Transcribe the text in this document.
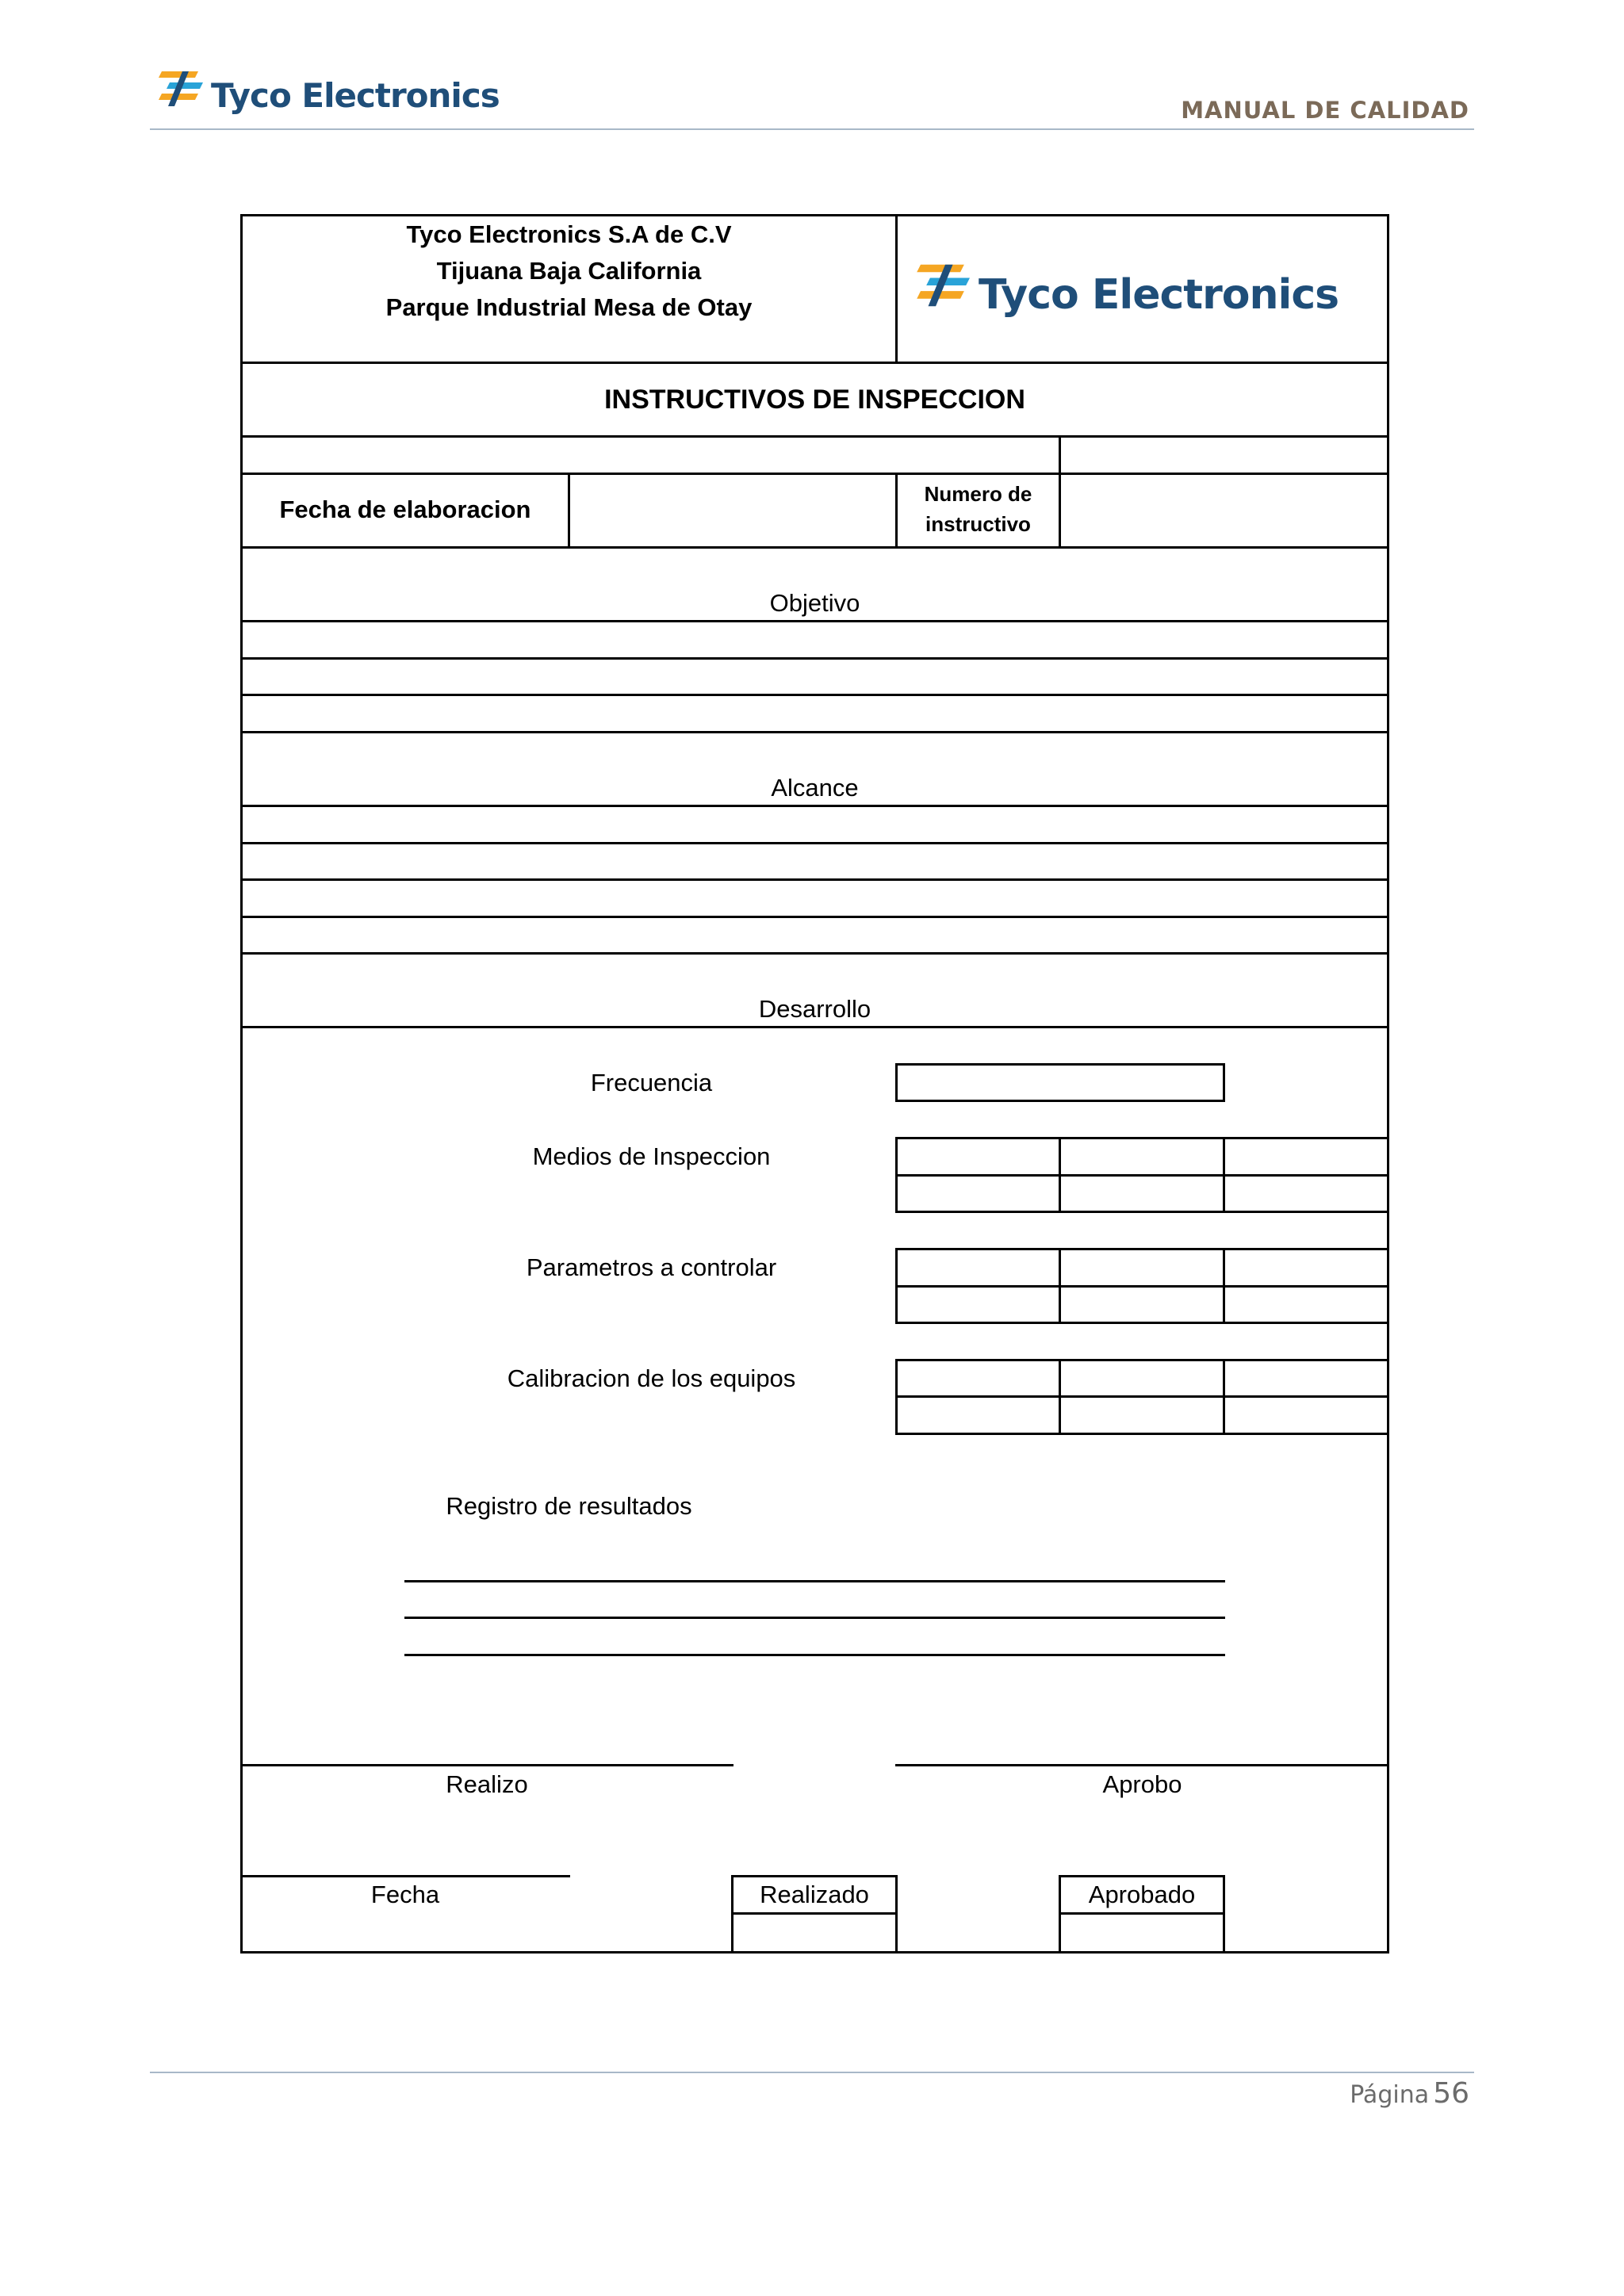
Tyco Electronics	MANUAL DE CALIDAD
Tyco Electronics S.A de C.V
Tijuana Baja California
Parque Industrial Mesa de Otay	Tyco Electronics
INSTRUCTIVOS DE INSPECCION
Fecha de elaboracion
Numero de
instructivo
Objetivo
Alcance
Desarrollo
Frecuencia
Medios de Inspeccion
Parametros a controlar
Calibracion de los equipos
Registro de resultados
Realizo	Aprobo
Fecha	Realizado	Aprobado
Página 56
